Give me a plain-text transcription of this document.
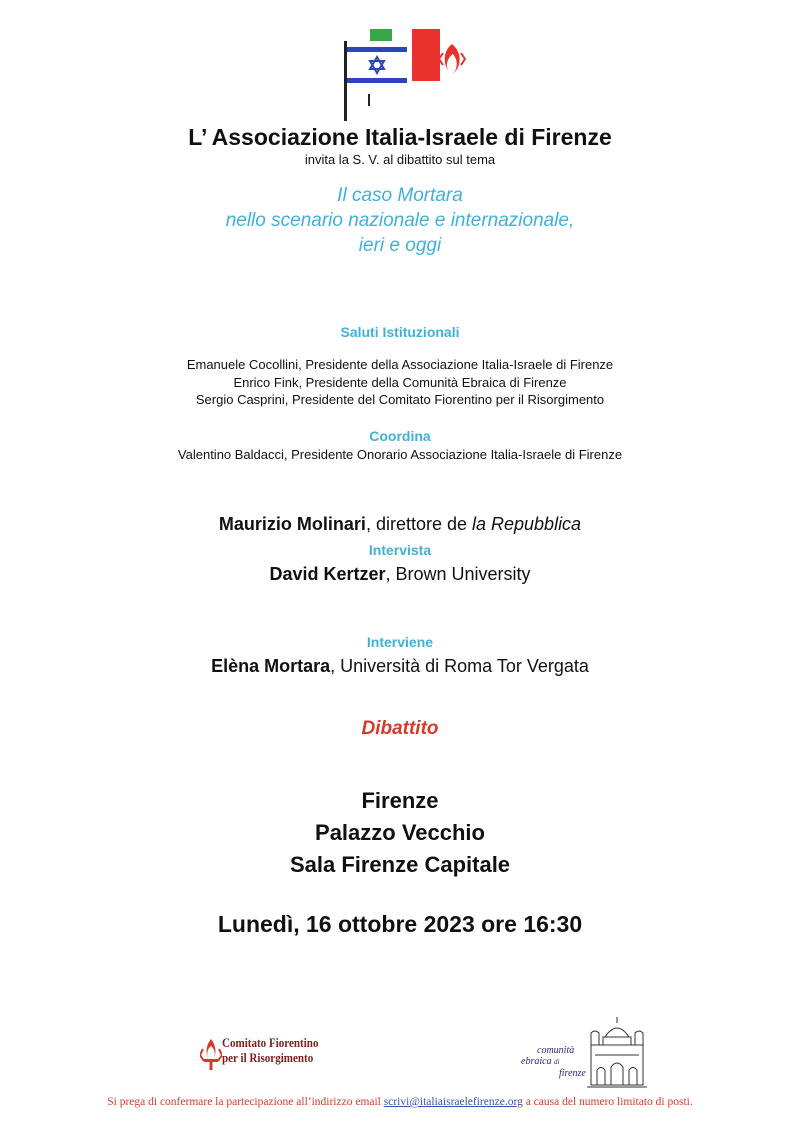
L’ Associazione Italia-Israele di Firenze
invita la S. V. al dibattito sul tema
Il caso Mortara
nello scenario nazionale e internazionale,
ieri e oggi
Saluti Istituzionali
Emanuele Cocollini, Presidente della Associazione Italia-Israele di Firenze
Enrico Fink, Presidente della Comunità Ebraica di Firenze
Sergio Casprini, Presidente del Comitato Fiorentino per il Risorgimento
Coordina
Valentino Baldacci, Presidente Onorario Associazione Italia-Israele di Firenze
Maurizio Molinari, direttore de la Repubblica
Intervista
David Kertzer, Brown University
Interviene
Elèna Mortara, Università di Roma Tor Vergata
Dibattito
Firenze
Palazzo Vecchio
Sala Firenze Capitale
Lunedì, 16 ottobre 2023 ore 16:30
Comitato Fiorentino
per il Risorgimento	comunità
ebraica di
firenze
Si prega di confermare la partecipazione all’indirizzo email scrivi@italiaisraelefirenze.org a causa del numero limitato di posti.
